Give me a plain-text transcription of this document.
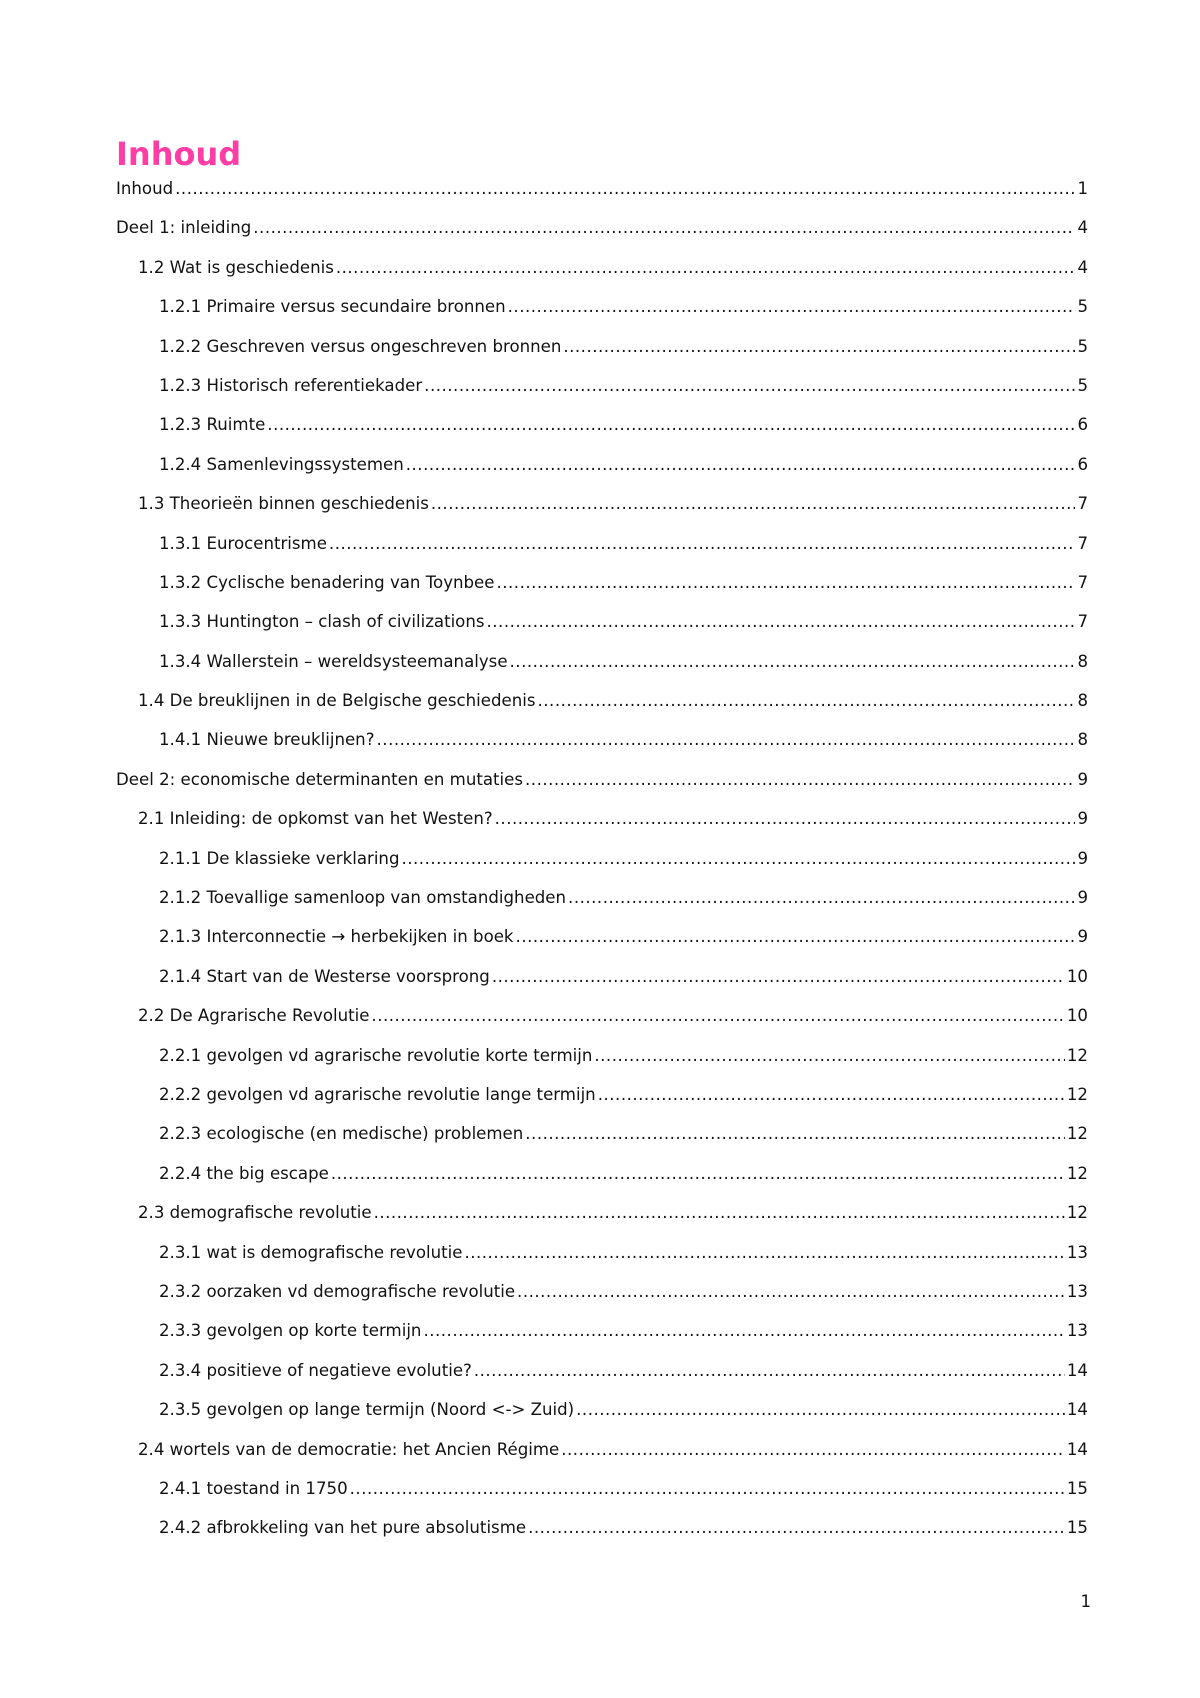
Inhoud
Inhoud .....	1
Deel 1: inleiding .....	4
1.2 Wat is geschiedenis .....	4
1.2.1 Primaire versus secundaire bronnen .....	5
1.2.2 Geschreven versus ongeschreven bronnen .....	5
1.2.3 Historisch referentiekader .....	5
1.2.3 Ruimte .....	6
1.2.4 Samenlevingssystemen .....	6
1.3 Theorieën binnen geschiedenis .....	7
1.3.1 Eurocentrisme .....	7
1.3.2 Cyclische benadering van Toynbee .....	7
1.3.3 Huntington – clash of civilizations .....	7
1.3.4 Wallerstein – wereldsysteemanalyse .....	8
1.4 De breuklijnen in de Belgische geschiedenis .....	8
1.4.1 Nieuwe breuklijnen? .....	8
Deel 2: economische determinanten en mutaties .....	9
2.1 Inleiding: de opkomst van het Westen? .....	9
2.1.1 De klassieke verklaring .....	9
2.1.2 Toevallige samenloop van omstandigheden .....	9
2.1.3 Interconnectie → herbekijken in boek .....	9
2.1.4 Start van de Westerse voorsprong .....	10
2.2 De Agrarische Revolutie .....	10
2.2.1 gevolgen vd agrarische revolutie korte termijn .....	12
2.2.2 gevolgen vd agrarische revolutie lange termijn .....	12
2.2.3 ecologische (en medische) problemen .....	12
2.2.4 the big escape .....	12
2.3 demografische revolutie .....	12
2.3.1 wat is demografische revolutie .....	13
2.3.2 oorzaken vd demografische revolutie .....	13
2.3.3 gevolgen op korte termijn .....	13
2.3.4 positieve of negatieve evolutie? .....	14
2.3.5 gevolgen op lange termijn (Noord <-> Zuid) .....	14
2.4 wortels van de democratie: het Ancien Régime .....	14
2.4.1 toestand in 1750 .....	15
2.4.2 afbrokkeling van het pure absolutisme .....	15
1
